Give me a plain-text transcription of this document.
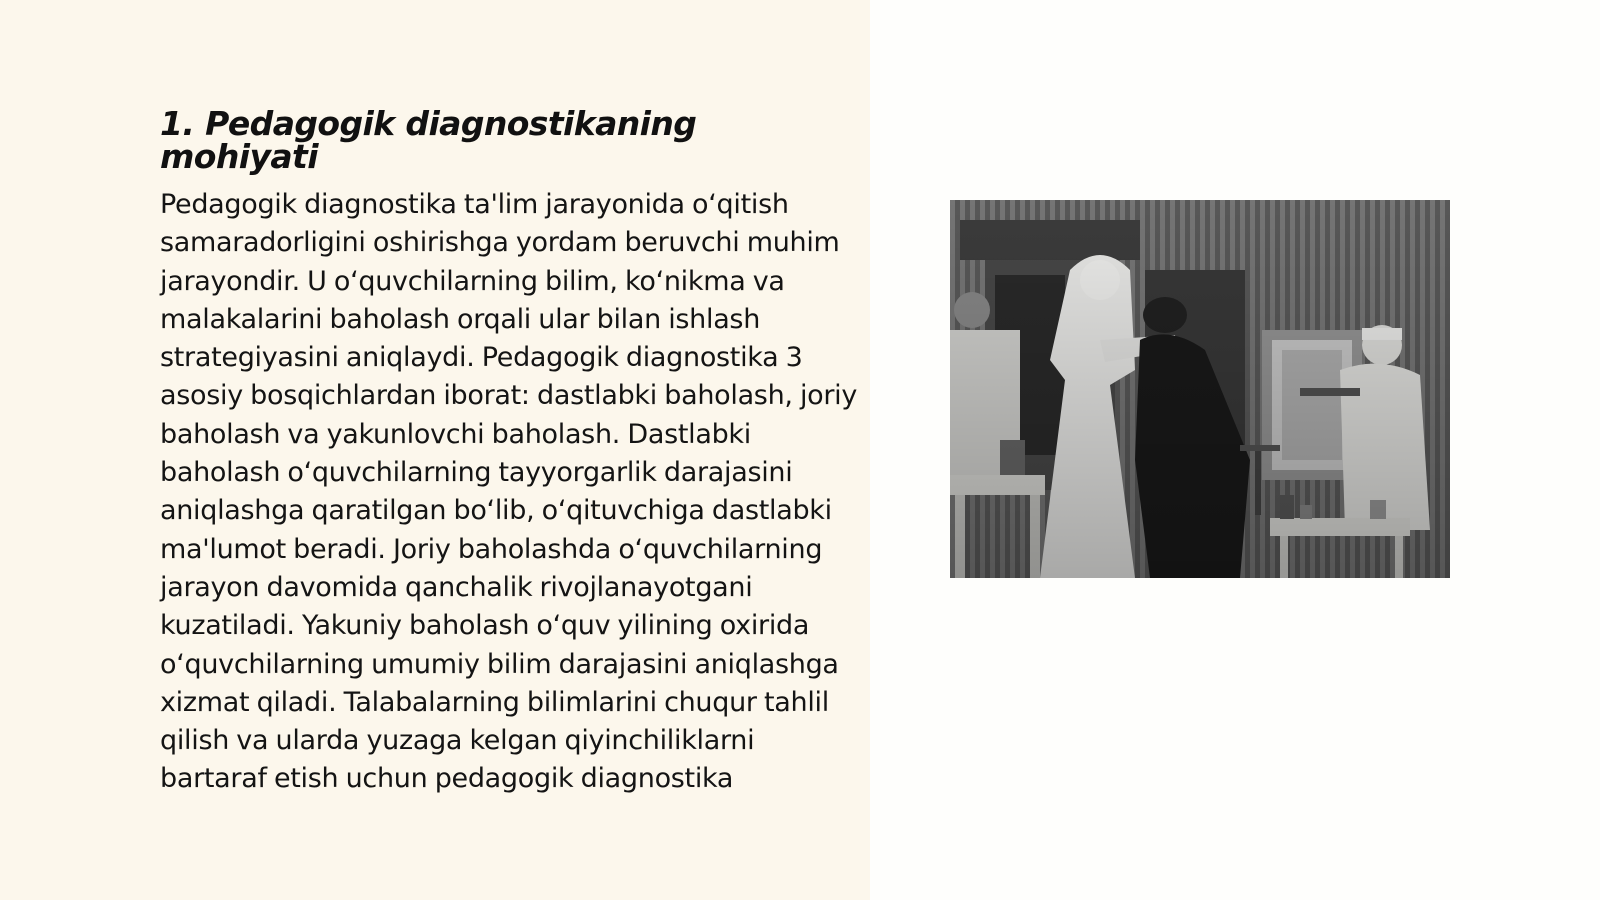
1. Pedagogik diagnostikaning mohiyati

Pedagogik diagnostika ta'lim jarayonida o‘qitish samaradorligini oshirishga yordam beruvchi muhim jarayondir. U o‘quvchilarning bilim, ko‘nikma va malakalarini baholash orqali ular bilan ishlash strategiyasini aniqlaydi. Pedagogik diagnostika 3 asosiy bosqichlardan iborat: dastlabki baholash, joriy baholash va yakunlovchi baholash. Dastlabki baholash o‘quvchilarning tayyorgarlik darajasini aniqlashga qaratilgan bo‘lib, o‘qituvchiga dastlabki ma'lumot beradi. Joriy baholashda o‘quvchilarning jarayon davomida qanchalik rivojlanayotgani kuzatiladi. Yakuniy baholash o‘quv yilining oxirida o‘quvchilarning umumiy bilim darajasini aniqlashga xizmat qiladi. Talabalarning bilimlarini chuqur tahlil qilish va ularda yuzaga kelgan qiyinchiliklarni bartaraf etish uchun pedagogik diagnostika
